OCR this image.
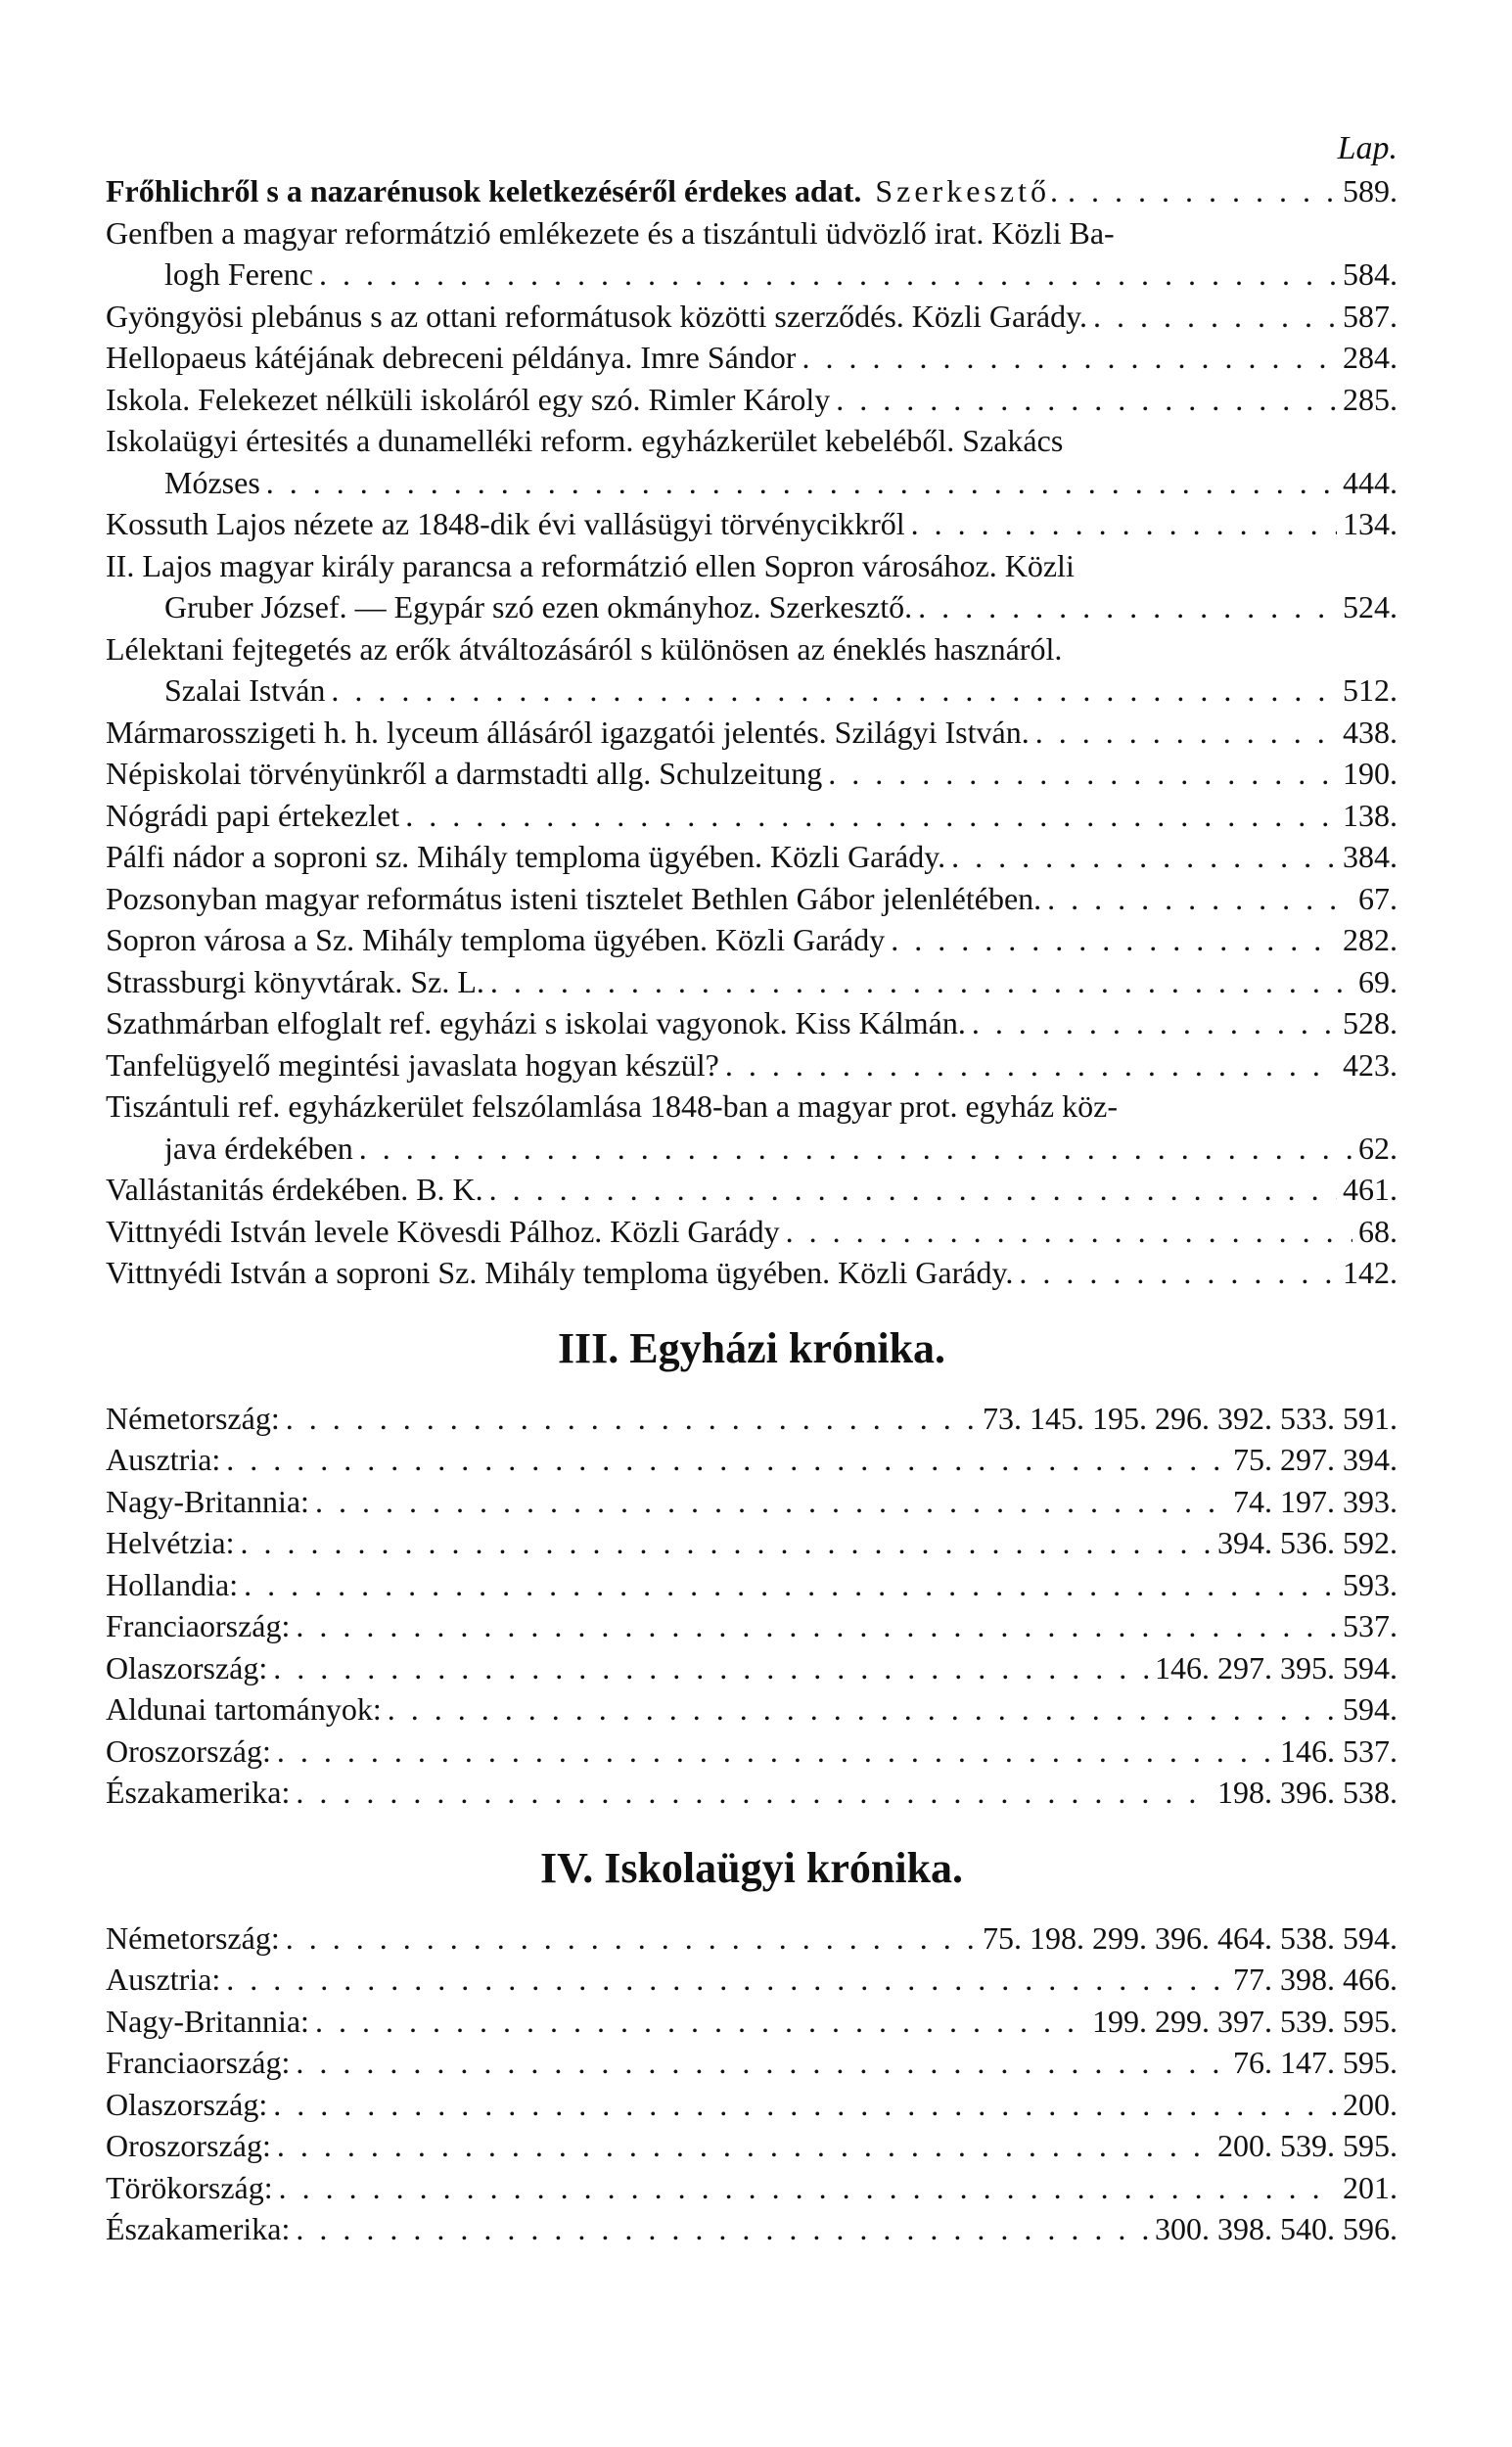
Lap.
Frőhlichről s a nazarénusok keletkezéséről érdekes adat. Szerkesztő. . . .	589.
Genfben a magyar reformátzió emlékezete és a tiszántuli üdvözlő irat. Közli Ba-
logh Ferenc . . .	584.
Gyöngyösi plebánus s az ottani reformátusok közötti szerződés. Közli Garády. . . .	587.
Hellopaeus kátéjának debreceni példánya. Imre Sándor . . .	284.
Iskola. Felekezet nélküli iskoláról egy szó. Rimler Károly . . .	285.
Iskolaügyi értesités a dunamelléki reform. egyházkerület kebeléből. Szakács
Mózses . . .	444.
Kossuth Lajos nézete az 1848-dik évi vallásügyi törvénycikkről . . .	134.
II. Lajos magyar király parancsa a reformátzió ellen Sopron városához. Közli
Gruber József. — Egypár szó ezen okmányhoz. Szerkesztő. . . .	524.
Lélektani fejtegetés az erők átváltozásáról s különösen az éneklés hasznáról.
Szalai István . . .	512.
Mármarosszigeti h. h. lyceum állásáról igazgatói jelentés. Szilágyi István. . . .	438.
Népiskolai törvényünkről a darmstadti allg. Schulzeitung . . .	190.
Nógrádi papi értekezlet . . .	138.
Pálfi nádor a soproni sz. Mihály temploma ügyében. Közli Garády. . . .	384.
Pozsonyban magyar református isteni tisztelet Bethlen Gábor jelenlétében. . . .	67.
Sopron városa a Sz. Mihály temploma ügyében. Közli Garády . . .	282.
Strassburgi könyvtárak. Sz. L. . . .	69.
Szathmárban elfoglalt ref. egyházi s iskolai vagyonok. Kiss Kálmán. . . .	528.
Tanfelügyelő megintési javaslata hogyan készül? . . .	423.
Tiszántuli ref. egyházkerület felszólamlása 1848-ban a magyar prot. egyház köz-
java érdekében . . .	62.
Vallástanitás érdekében. B. K. . . .	461.
Vittnyédi István levele Kövesdi Pálhoz. Közli Garády . . .	68.
Vittnyédi István a soproni Sz. Mihály temploma ügyében. Közli Garády. . . .	142.
III. Egyházi krónika.
Németország: . . .	73. 145. 195. 296. 392. 533. 591.
Ausztria: . . .	75. 297. 394.
Nagy-Britannia: . . .	74. 197. 393.
Helvétzia: . . .	394. 536. 592.
Hollandia: . . .	593.
Franciaország: . . .	537.
Olaszország: . . .	146. 297. 395. 594.
Aldunai tartományok: . . .	594.
Oroszország: . . .	146. 537.
Északamerika: . . .	198. 396. 538.
IV. Iskolaügyi krónika.
Németország: . . .	75. 198. 299. 396. 464. 538. 594.
Ausztria: . . .	77. 398. 466.
Nagy-Britannia: . . .	199. 299. 397. 539. 595.
Franciaország: . . .	76. 147. 595.
Olaszország: . . .	200.
Oroszország: . . .	200. 539. 595.
Törökország: . . .	201.
Északamerika: . . .	300. 398. 540. 596.
